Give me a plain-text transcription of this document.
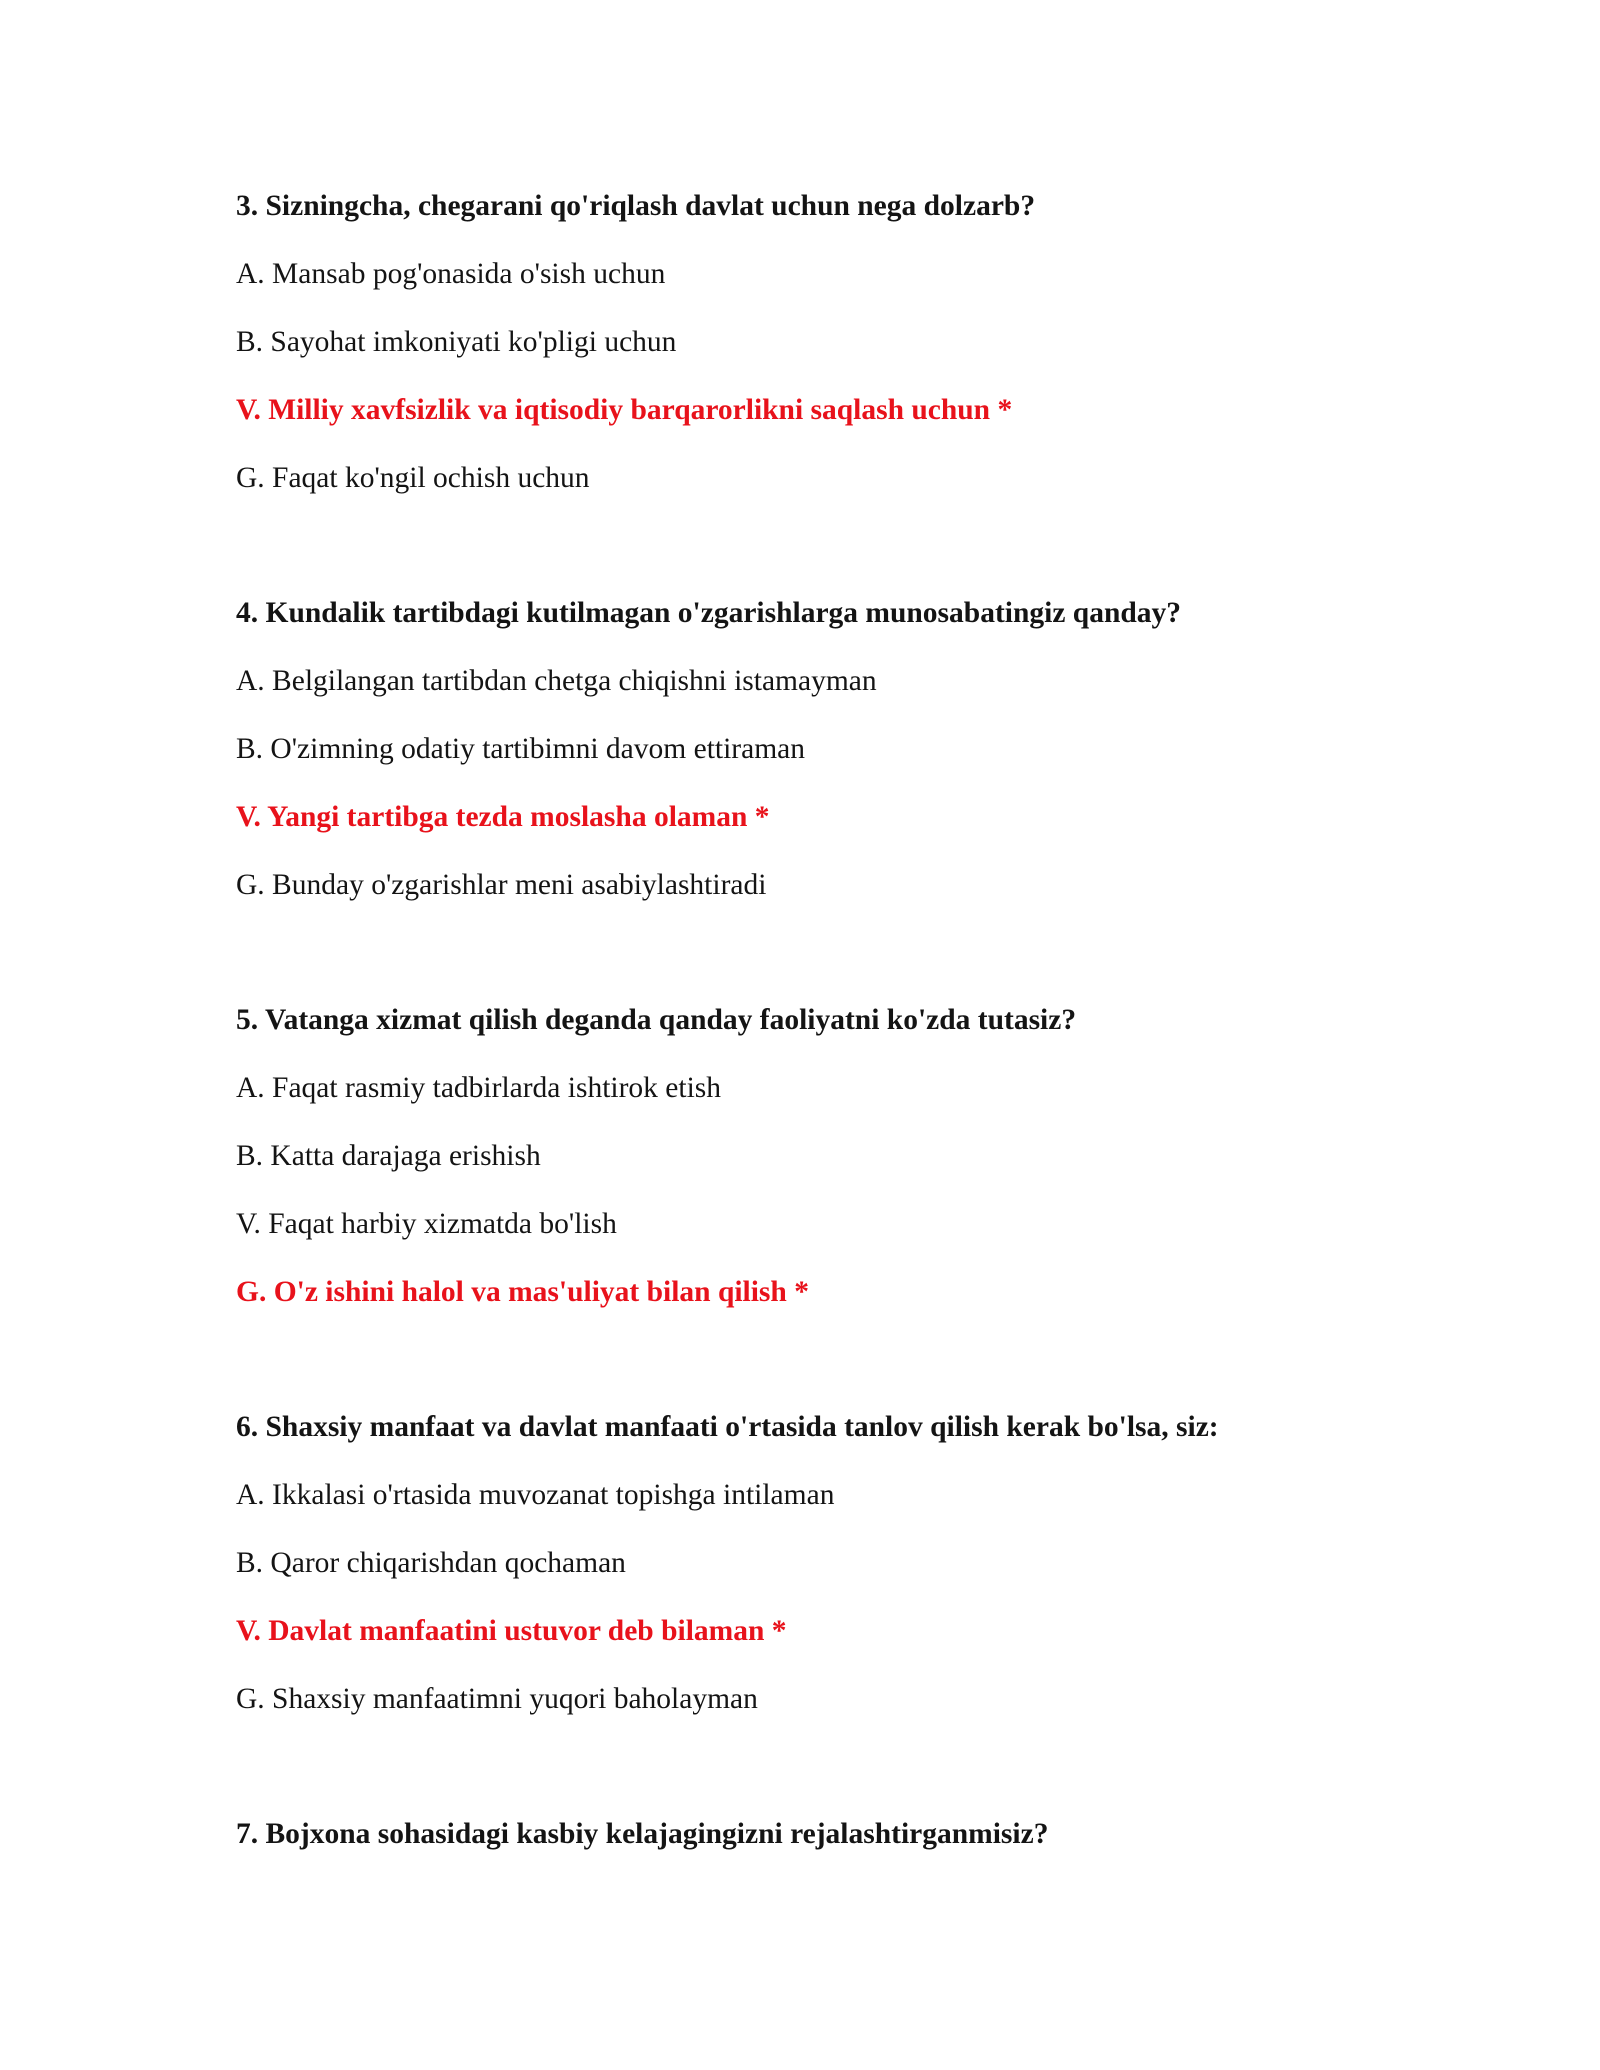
3. Sizningcha, chegarani qo'riqlash davlat uchun nega dolzarb?
A. Mansab pog'onasida o'sish uchun
B. Sayohat imkoniyati ko'pligi uchun
V. Milliy xavfsizlik va iqtisodiy barqarorlikni saqlash uchun *
G. Faqat ko'ngil ochish uchun
4. Kundalik tartibdagi kutilmagan o'zgarishlarga munosabatingiz qanday?
A. Belgilangan tartibdan chetga chiqishni istamayman
B. O'zimning odatiy tartibimni davom ettiraman
V. Yangi tartibga tezda moslasha olaman *
G. Bunday o'zgarishlar meni asabiylashtiradi
5. Vatanga xizmat qilish deganda qanday faoliyatni ko'zda tutasiz?
A. Faqat rasmiy tadbirlarda ishtirok etish
B. Katta darajaga erishish
V. Faqat harbiy xizmatda bo'lish
G. O'z ishini halol va mas'uliyat bilan qilish *
6. Shaxsiy manfaat va davlat manfaati o'rtasida tanlov qilish kerak bo'lsa, siz:
A. Ikkalasi o'rtasida muvozanat topishga intilaman
B. Qaror chiqarishdan qochaman
V. Davlat manfaatini ustuvor deb bilaman *
G. Shaxsiy manfaatimni yuqori baholayman
7. Bojxona sohasidagi kasbiy kelajagingizni rejalashtirganmisiz?
